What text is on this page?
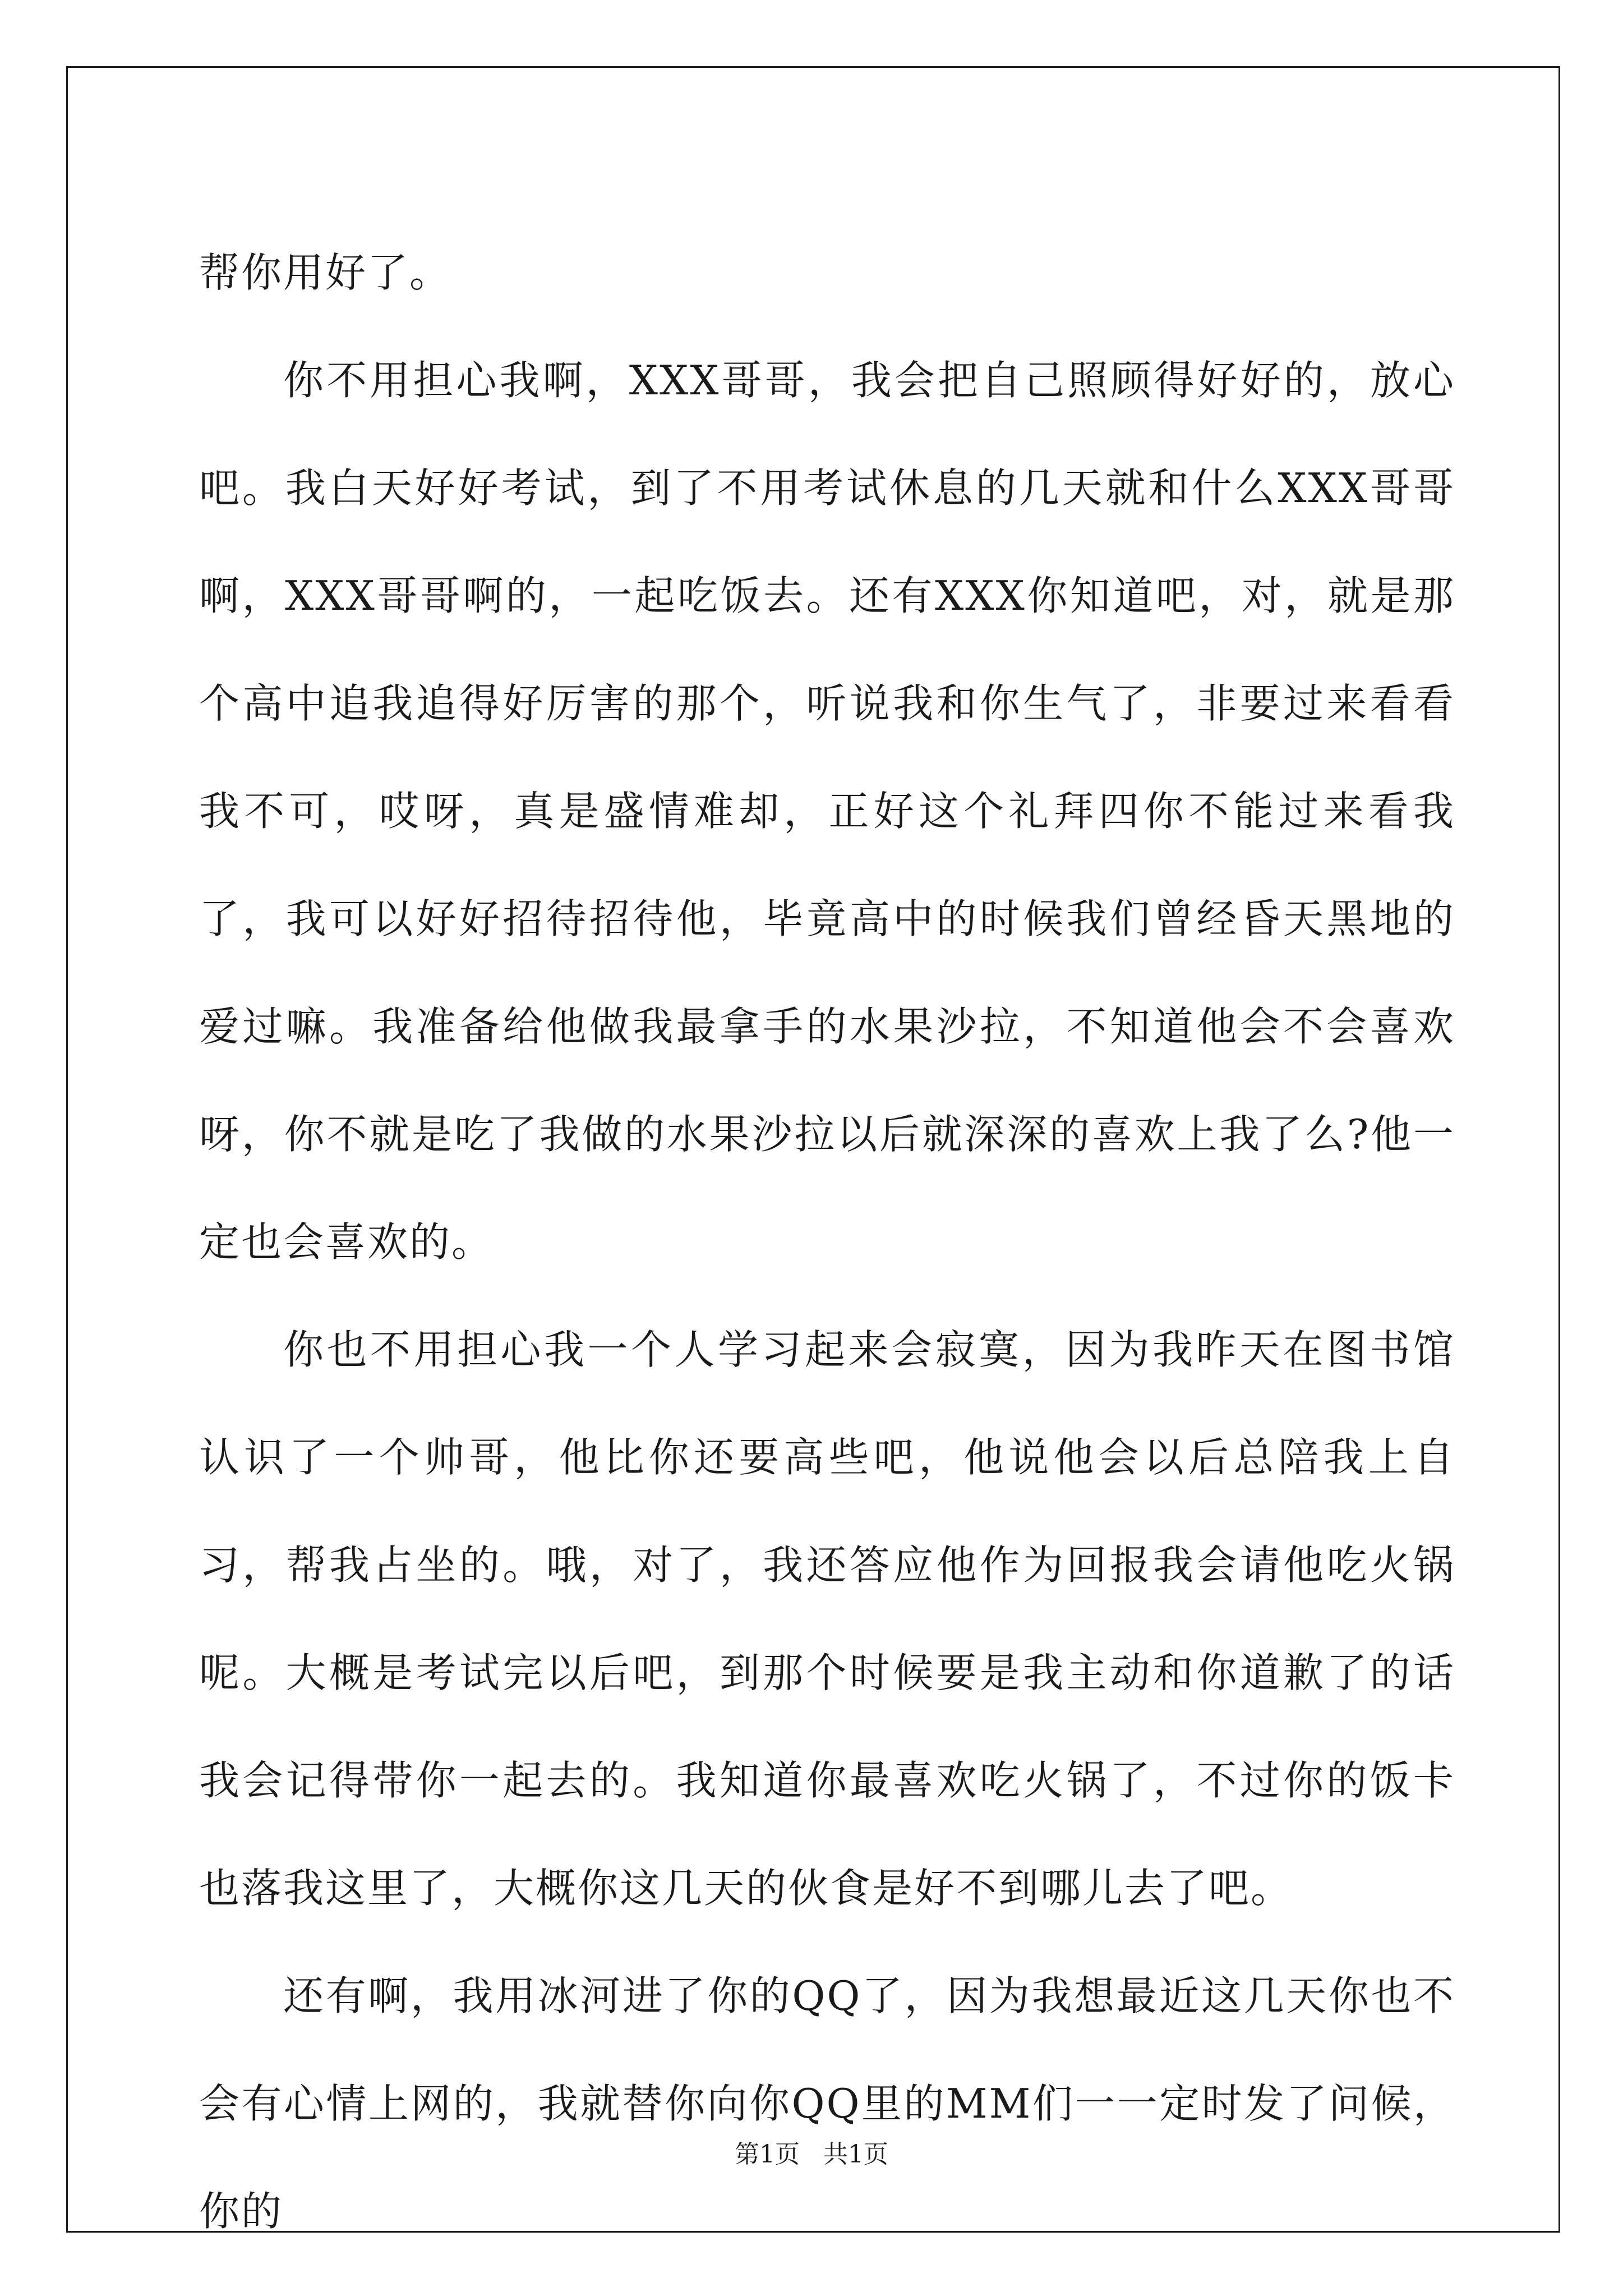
帮你用好了。

你不用担心我啊，XXX哥哥，我会把自己照顾得好好的，放心吧。我白天好好考试，到了不用考试休息的几天就和什么XXX哥哥啊，XXX哥哥啊的，一起吃饭去。还有XXX你知道吧，对，就是那个高中追我追得好厉害的那个，听说我和你生气了，非要过来看看我不可，哎呀，真是盛情难却，正好这个礼拜四你不能过来看我了，我可以好好招待招待他，毕竟高中的时候我们曾经昏天黑地的爱过嘛。我准备给他做我最拿手的水果沙拉，不知道他会不会喜欢呀，你不就是吃了我做的水果沙拉以后就深深的喜欢上我了么?他一定也会喜欢的。

你也不用担心我一个人学习起来会寂寞，因为我昨天在图书馆认识了一个帅哥，他比你还要高些吧，他说他会以后总陪我上自习，帮我占坐的。哦，对了，我还答应他作为回报我会请他吃火锅呢。大概是考试完以后吧，到那个时候要是我主动和你道歉了的话我会记得带你一起去的。我知道你最喜欢吃火锅了，不过你的饭卡也落我这里了，大概你这几天的伙食是好不到哪儿去了吧。

还有啊，我用冰河进了你的QQ了，因为我想最近这几天你也不会有心情上网的，我就替你向你QQ里的MM们一一定时发了问候，你的

第1页   共1页
